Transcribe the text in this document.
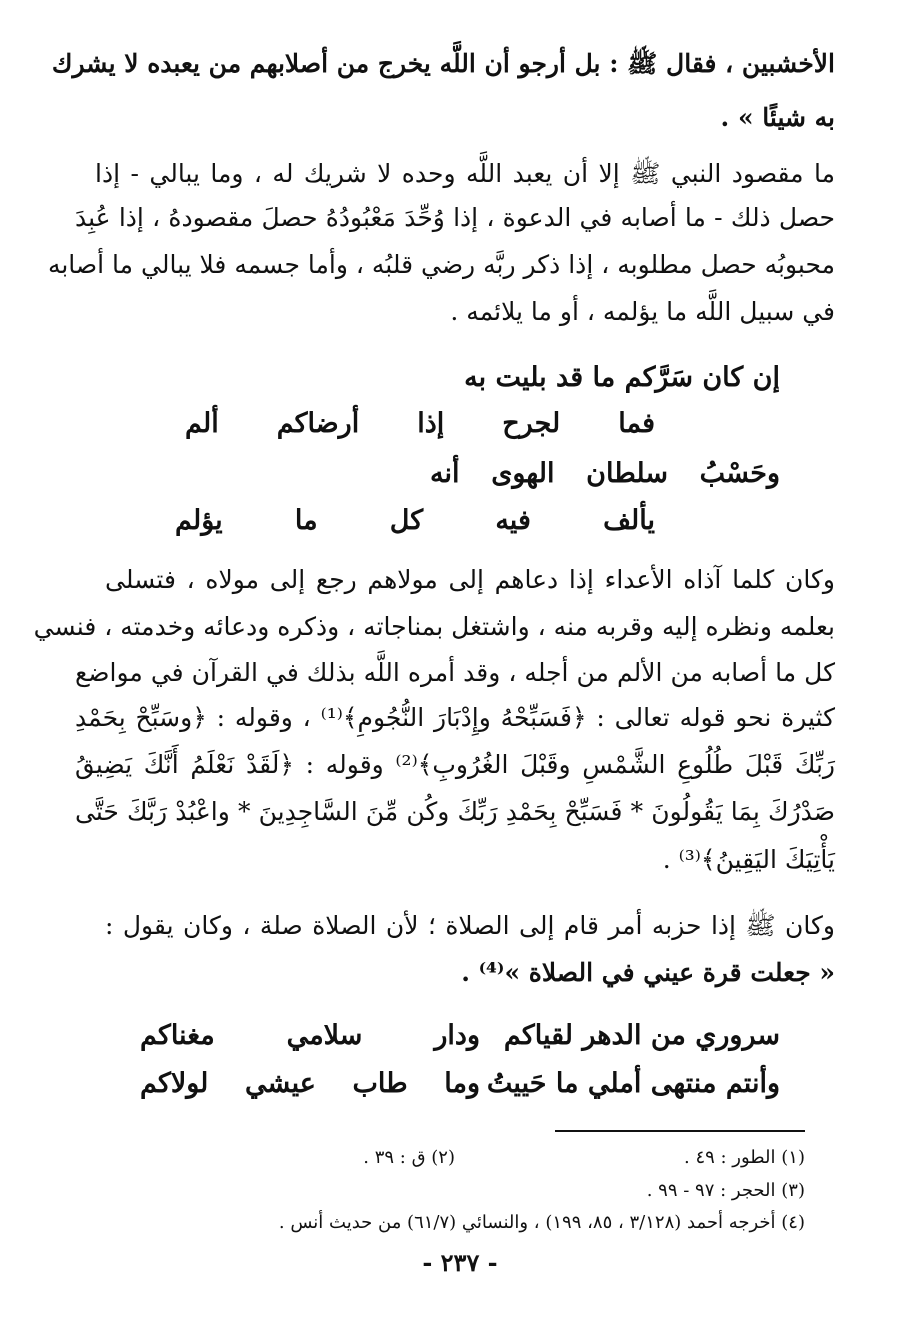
الأخشبين ، فقال ﷺ : بل أرجو أن اللَّه يخرج من أصلابهم من يعبده لا يشرك
به شيئًا » .
ما مقصود النبي ﷺ إلا أن يعبد اللَّه وحده لا شريك له ، وما يبالي - إذا
حصل ذلك - ما أصابه في الدعوة ، إذا وُحِّدَ مَعْبُودُهُ حصلَ مقصودهُ ، إذا عُبِدَ
محبوبُه حصل مطلوبه ، إذا ذكر ربَّه رضي قلبُه ، وأما جسمه فلا يبالي ما أصابه
في سبيل اللَّه ما يؤلمه ، أو ما يلائمه .
إن كان سَرَّكم ما قد بليت به
فما لجرح إذا أرضاكم ألم
وحَسْبُ سلطان الهوى أنه
يألف فيه كل ما يؤلم
وكان كلما آذاه الأعداء إذا دعاهم إلى مولاهم رجع إلى مولاه ، فتسلى
بعلمه ونظره إليه وقربه منه ، واشتغل بمناجاته ، وذكره ودعائه وخدمته ، فنسي
كل ما أصابه من الألم من أجله ، وقد أمره اللَّه بذلك في القرآن في مواضع
كثيرة نحو قوله تعالى : ﴿فَسَبِّحْهُ وإِدْبَارَ النُّجُومِ﴾⁽¹⁾ ، وقوله : ﴿وسَبِّحْ بِحَمْدِ
رَبِّكَ قَبْلَ طُلُوعِ الشَّمْسِ وقَبْلَ الغُرُوبِ﴾⁽²⁾ وقوله : ﴿لَقَدْ نَعْلَمُ أَنَّكَ يَضِيقُ
صَدْرُكَ بِمَا يَقُولُونَ * فَسَبِّحْ بِحَمْدِ رَبِّكَ وكُن مِّنَ السَّاجِدِينَ * واعْبُدْ رَبَّكَ حَتَّى
يَأْتِيَكَ اليَقِينُ﴾⁽³⁾ .
وكان ﷺ إذا حزبه أمر قام إلى الصلاة ؛ لأن الصلاة صلة ، وكان يقول :
« جعلت قرة عيني في الصلاة »⁽⁴⁾ .
سروري من الدهر لقياكم
ودار سلامي مغناكم
وأنتم منتهى أملي ما حَييتُ
وما طاب عيشي لولاكم
(١) الطور : ٤٩ .
(٢) ق : ٣٩ .
(٣) الحجر : ٩٧ - ٩٩ .
(٤) أخرجه أحمد (٣/١٢٨ ، ٨٥، ١٩٩) ، والنسائي (٦١/٧) من حديث أنس .
- ٢٣٧ -
